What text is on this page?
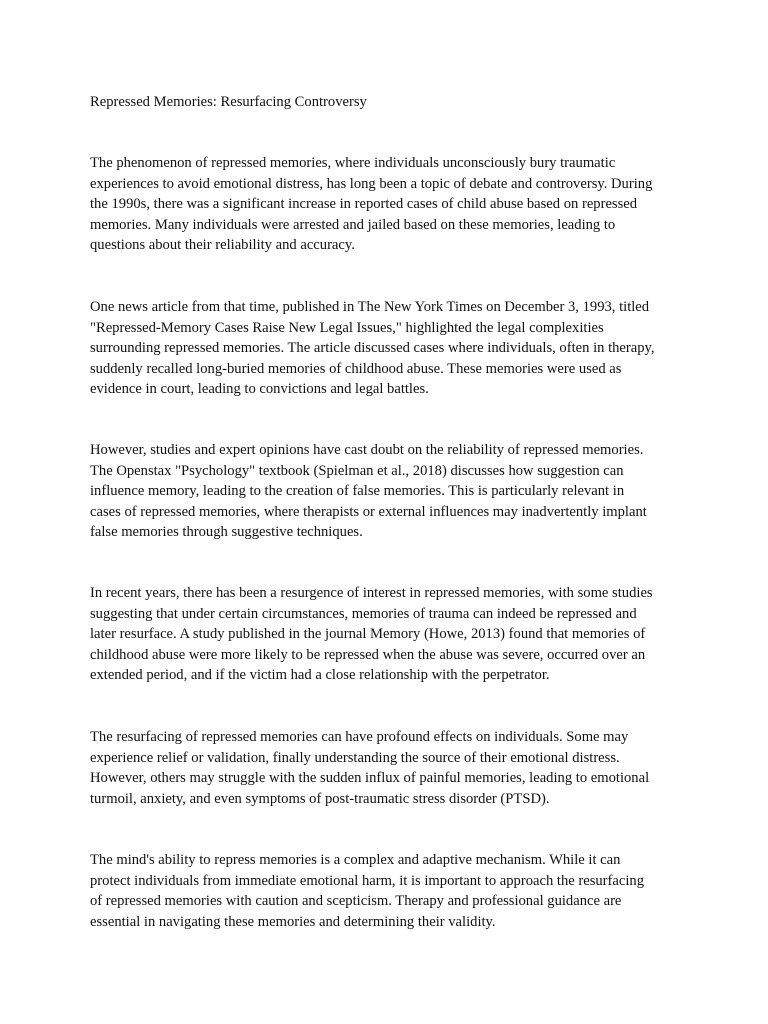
Repressed Memories: Resurfacing Controversy

The phenomenon of repressed memories, where individuals unconsciously bury traumatic
experiences to avoid emotional distress, has long been a topic of debate and controversy. During
the 1990s, there was a significant increase in reported cases of child abuse based on repressed
memories. Many individuals were arrested and jailed based on these memories, leading to
questions about their reliability and accuracy.

One news article from that time, published in The New York Times on December 3, 1993, titled
"Repressed-Memory Cases Raise New Legal Issues," highlighted the legal complexities
surrounding repressed memories. The article discussed cases where individuals, often in therapy,
suddenly recalled long-buried memories of childhood abuse. These memories were used as
evidence in court, leading to convictions and legal battles.

However, studies and expert opinions have cast doubt on the reliability of repressed memories.
The Openstax "Psychology" textbook (Spielman et al., 2018) discusses how suggestion can
influence memory, leading to the creation of false memories. This is particularly relevant in
cases of repressed memories, where therapists or external influences may inadvertently implant
false memories through suggestive techniques.

In recent years, there has been a resurgence of interest in repressed memories, with some studies
suggesting that under certain circumstances, memories of trauma can indeed be repressed and
later resurface. A study published in the journal Memory (Howe, 2013) found that memories of
childhood abuse were more likely to be repressed when the abuse was severe, occurred over an
extended period, and if the victim had a close relationship with the perpetrator.

The resurfacing of repressed memories can have profound effects on individuals. Some may
experience relief or validation, finally understanding the source of their emotional distress.
However, others may struggle with the sudden influx of painful memories, leading to emotional
turmoil, anxiety, and even symptoms of post-traumatic stress disorder (PTSD).

The mind's ability to repress memories is a complex and adaptive mechanism. While it can
protect individuals from immediate emotional harm, it is important to approach the resurfacing
of repressed memories with caution and scepticism. Therapy and professional guidance are
essential in navigating these memories and determining their validity.
